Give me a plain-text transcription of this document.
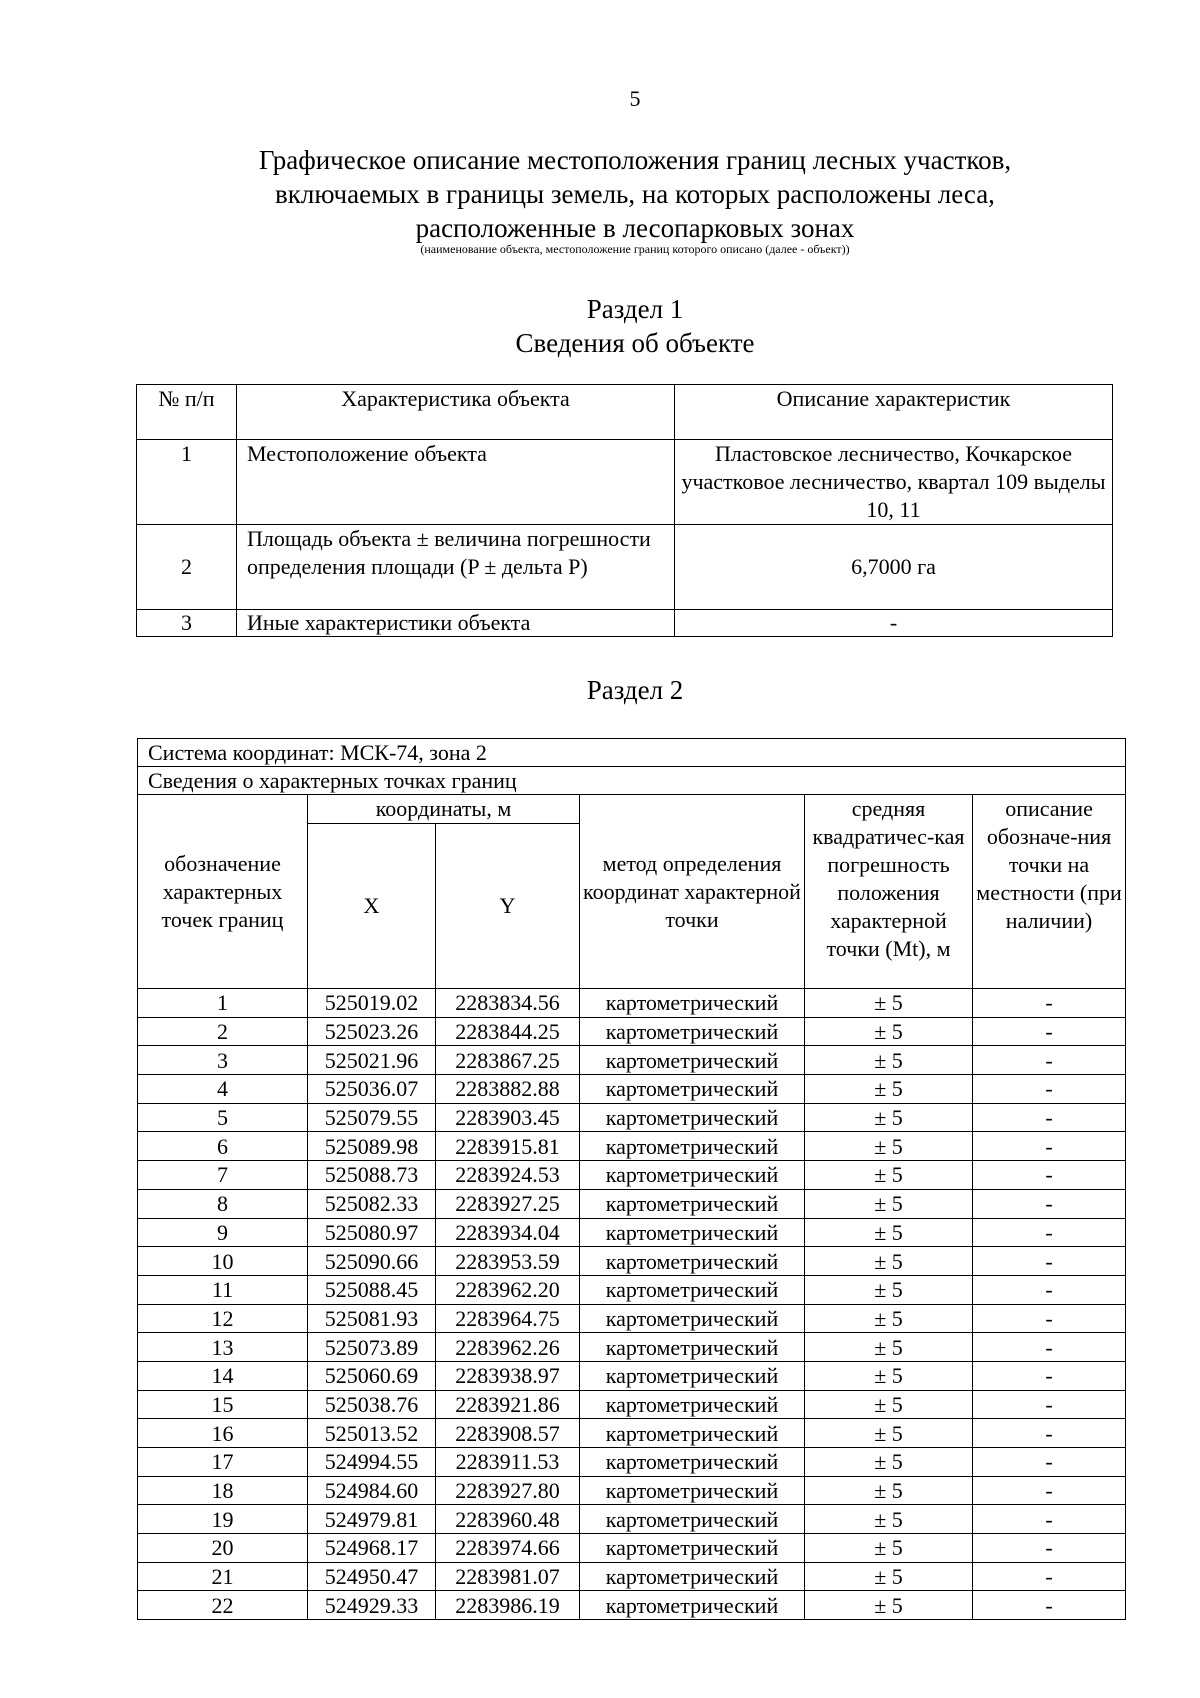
5
Графическое описание местоположения границ лесных участков,
включаемых в границы земель, на которых расположены леса,
расположенные в лесопарковых зонах
(наименование объекта, местоположение границ которого описано (далее - объект))
Раздел 1
Сведения об объекте
№ п/п	Характеристика объекта	Описание характеристик
1	Местоположение объекта	Пластовское лесничество, Кочкарское участковое лесничество, квартал 109 выделы 10, 11
2	Площадь объекта ± величина погрешности определения площади (P ± дельта P)	6,7000 га
3	Иные характеристики объекта	-
Раздел 2
Система координат: МСК-74, зона 2					
Сведения о характерных точках границ					
обозначение характерных точек границ	координаты, м		метод определения координат характерной точки	средняя квадратичес-кая погрешность положения характерной точки (Mt), м	описание обозначе-ния точки на местности (при наличии)
	X	Y			
1	525019.02	2283834.56	картометрический	± 5	-
2	525023.26	2283844.25	картометрический	± 5	-
3	525021.96	2283867.25	картометрический	± 5	-
4	525036.07	2283882.88	картометрический	± 5	-
5	525079.55	2283903.45	картометрический	± 5	-
6	525089.98	2283915.81	картометрический	± 5	-
7	525088.73	2283924.53	картометрический	± 5	-
8	525082.33	2283927.25	картометрический	± 5	-
9	525080.97	2283934.04	картометрический	± 5	-
10	525090.66	2283953.59	картометрический	± 5	-
11	525088.45	2283962.20	картометрический	± 5	-
12	525081.93	2283964.75	картометрический	± 5	-
13	525073.89	2283962.26	картометрический	± 5	-
14	525060.69	2283938.97	картометрический	± 5	-
15	525038.76	2283921.86	картометрический	± 5	-
16	525013.52	2283908.57	картометрический	± 5	-
17	524994.55	2283911.53	картометрический	± 5	-
18	524984.60	2283927.80	картометрический	± 5	-
19	524979.81	2283960.48	картометрический	± 5	-
20	524968.17	2283974.66	картометрический	± 5	-
21	524950.47	2283981.07	картометрический	± 5	-
22	524929.33	2283986.19	картометрический	± 5	-
